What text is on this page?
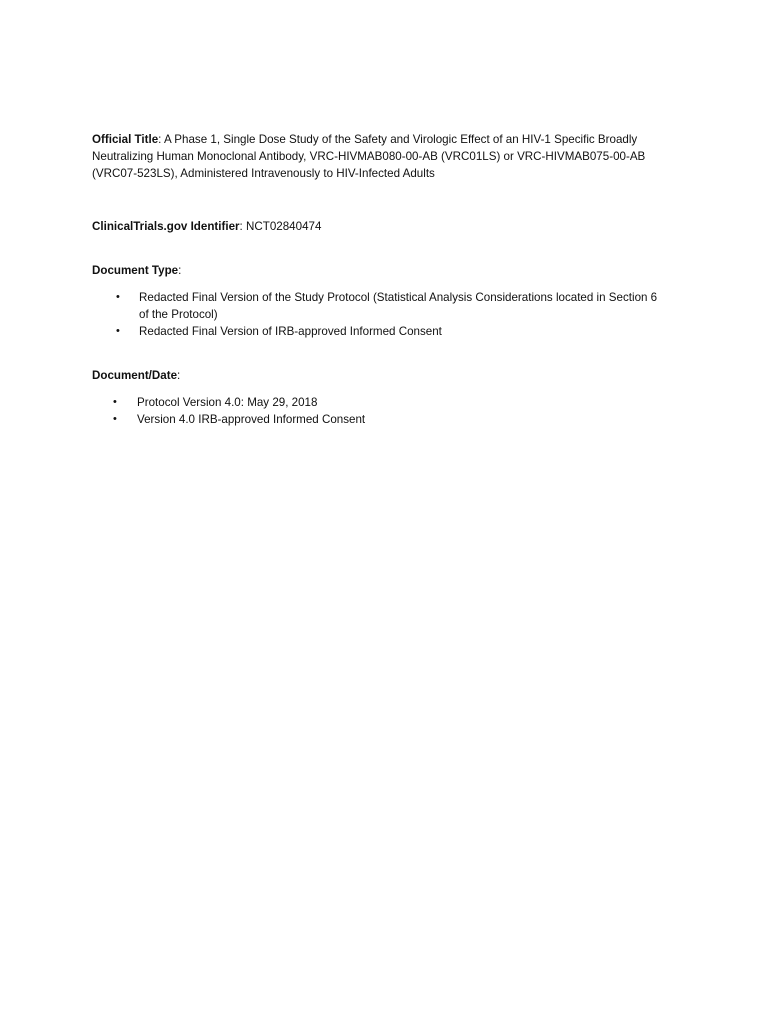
Official Title: A Phase 1, Single Dose Study of the Safety and Virologic Effect of an HIV-1 Specific Broadly Neutralizing Human Monoclonal Antibody, VRC-HIVMAB080-00-AB (VRC01LS) or VRC-HIVMAB075-00-AB (VRC07-523LS), Administered Intravenously to HIV-Infected Adults

ClinicalTrials.gov Identifier: NCT02840474

Document Type:

• Redacted Final Version of the Study Protocol (Statistical Analysis Considerations located in Section 6 of the Protocol)
• Redacted Final Version of IRB-approved Informed Consent

Document/Date:

• Protocol Version 4.0: May 29, 2018
• Version 4.0 IRB-approved Informed Consent
